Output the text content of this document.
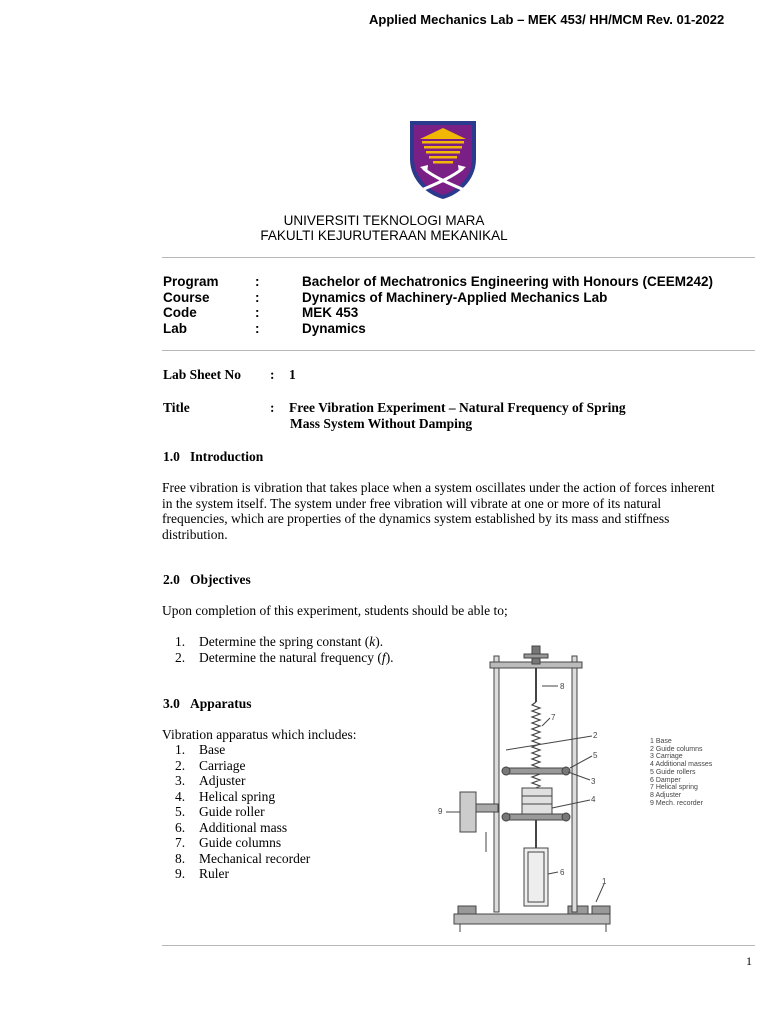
Applied Mechanics Lab – MEK 453/ HH/MCM Rev. 01-2022
UNIVERSITI TEKNOLOGI MARA
FAKULTI KEJURUTERAAN MEKANIKAL
Program	:	Bachelor of Mechatronics Engineering with Honours (CEEM242)
Course	:	Dynamics of Machinery-Applied Mechanics Lab
Code	:	MEK 453
Lab	:	Dynamics
Lab Sheet No : 1
Title	: Free Vibration Experiment – Natural Frequency of Spring
Mass System Without Damping
1.0 Introduction
Free vibration is vibration that takes place when a system oscillates under the action of forces inherent
in the system itself. The system under free vibration will vibrate at one or more of its natural
frequencies, which are properties of the dynamics system established by its mass and stiffness
distribution.
2.0 Objectives
Upon completion of this experiment, students should be able to;
1. Determine the spring constant (k).
2. Determine the natural frequency (f).
3.0 Apparatus
Vibration apparatus which includes:
1. Base
2. Carriage
3. Adjuster
4. Helical spring
5. Guide roller
6. Additional mass
7. Guide columns
8. Mechanical recorder
9. Ruler
8
7
2
5
3
4
9
6
1
1 Base
2 Guide columns
3 Carriage
4 Additional masses
5 Guide rollers
6 Damper
7 Helical spring
8 Adjuster
9 Mech. recorder
1
